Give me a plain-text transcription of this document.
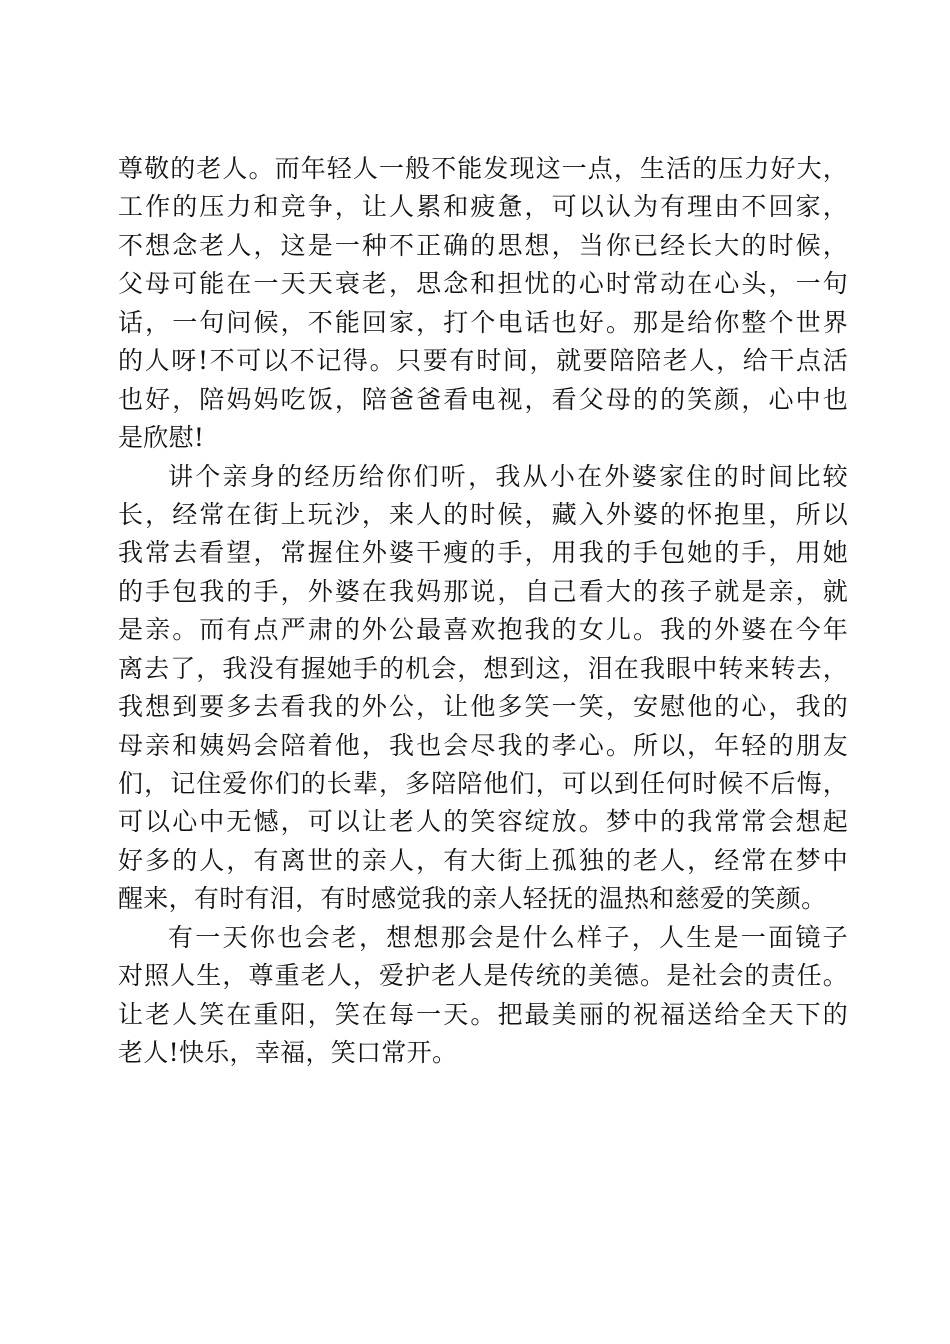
尊敬的老人。而年轻人一般不能发现这一点，生活的压力好大，
工作的压力和竞争，让人累和疲惫，可以认为有理由不回家，
不想念老人，这是一种不正确的思想，当你已经长大的时候，
父母可能在一天天衰老，思念和担忧的心时常动在心头，一句
话，一句问候，不能回家，打个电话也好。那是给你整个世界
的人呀!不可以不记得。只要有时间，就要陪陪老人，给干点活
也好，陪妈妈吃饭，陪爸爸看电视，看父母的的笑颜，心中也
是欣慰!
讲个亲身的经历给你们听，我从小在外婆家住的时间比较
长，经常在街上玩沙，来人的时候，藏入外婆的怀抱里，所以
我常去看望，常握住外婆干瘦的手，用我的手包她的手，用她
的手包我的手，外婆在我妈那说，自己看大的孩子就是亲，就
是亲。而有点严肃的外公最喜欢抱我的女儿。我的外婆在今年
离去了，我没有握她手的机会，想到这，泪在我眼中转来转去，
我想到要多去看我的外公，让他多笑一笑，安慰他的心，我的
母亲和姨妈会陪着他，我也会尽我的孝心。所以，年轻的朋友
们，记住爱你们的长辈，多陪陪他们，可以到任何时候不后悔，
可以心中无憾，可以让老人的笑容绽放。梦中的我常常会想起
好多的人，有离世的亲人，有大街上孤独的老人，经常在梦中
醒来，有时有泪，有时感觉我的亲人轻抚的温热和慈爱的笑颜。
有一天你也会老，想想那会是什么样子，人生是一面镜子
对照人生，尊重老人，爱护老人是传统的美德。是社会的责任。
让老人笑在重阳，笑在每一天。把最美丽的祝福送给全天下的
老人!快乐，幸福，笑口常开。
